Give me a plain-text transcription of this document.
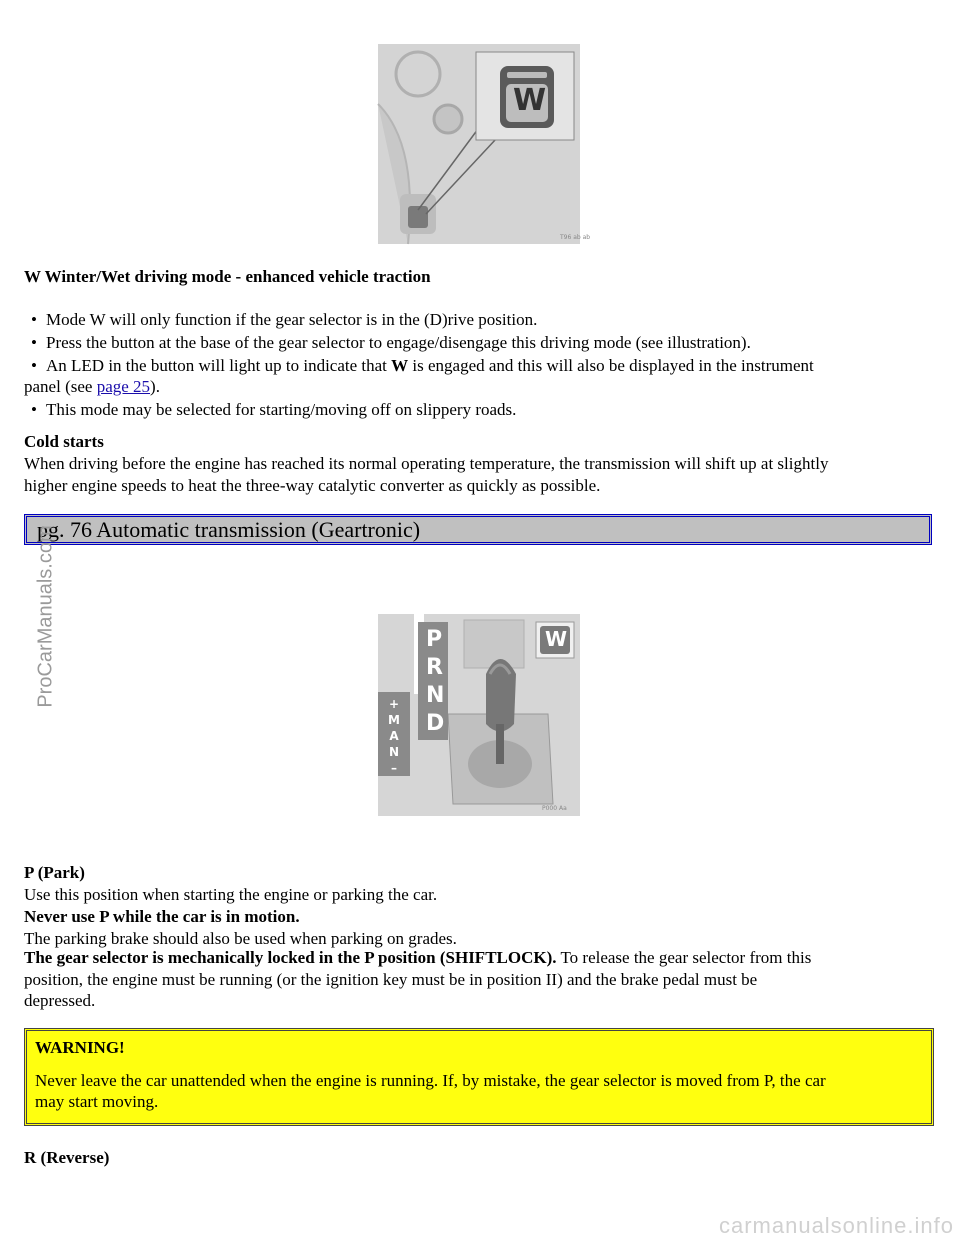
T96 ab ab
W
W Winter/Wet driving mode - enhanced vehicle traction
• Mode W will only function if the gear selector is in the (D)rive position.
• Press the button at the base of the gear selector to engage/disengage this driving mode (see illustration).
• An LED in the button will light up to indicate that W is engaged and this will also be displayed in the instrument
panel (see page 25).
• This mode may be selected for starting/moving off on slippery roads.
Cold starts
When driving before the engine has reached its normal operating temperature, the transmission will shift up at slightly
higher engine speeds to heat the three-way catalytic converter as quickly as possible.
pg. 76 Automatic transmission (Geartronic)
ProCarManuals.com
P000 Aa
P
R
N
D
+ M A N –
W
P (Park)
Use this position when starting the engine or parking the car.
Never use P while the car is in motion.
The parking brake should also be used when parking on grades.
The gear selector is mechanically locked in the P position (SHIFTLOCK). To release the gear selector from this
position, the engine must be running (or the ignition key must be in position II) and the brake pedal must be
depressed.
WARNING!
Never leave the car unattended when the engine is running. If, by mistake, the gear selector is moved from P, the car
may start moving.
R (Reverse)
carmanualsonline.info
